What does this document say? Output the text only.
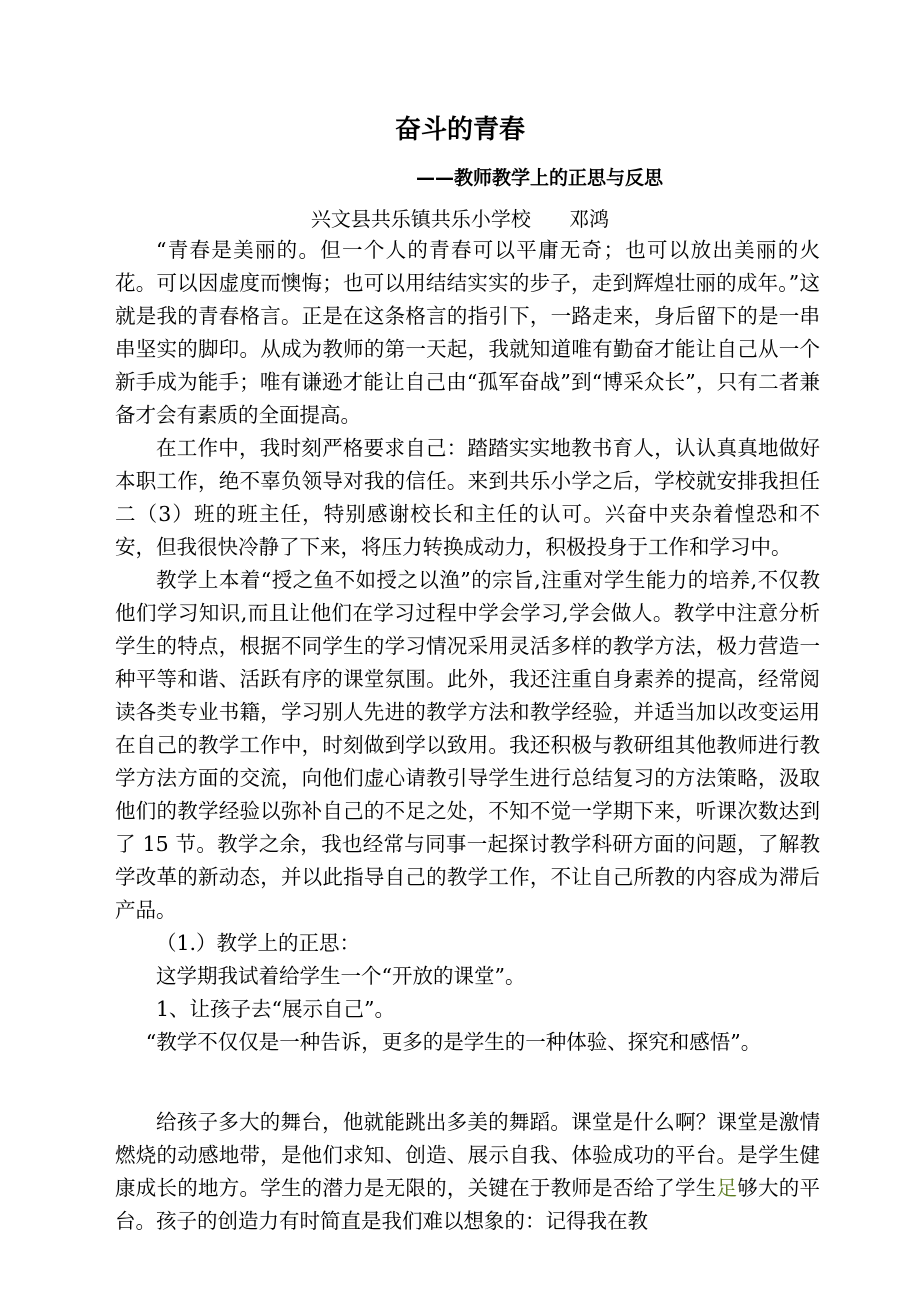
奋斗的青春
——教师教学上的正思与反思
兴文县共乐镇共乐小学校      邓鸿

“青春是美丽的。但一个人的青春可以平庸无奇；也可以放出美丽的火花。可以因虚度而懊悔；也可以用结结实实的步子，走到辉煌壮丽的成年。”这就是我的青春格言。正是在这条格言的指引下，一路走来，身后留下的是一串串坚实的脚印。从成为教师的第一天起，我就知道唯有勤奋才能让自己从一个新手成为能手；唯有谦逊才能让自己由“孤军奋战”到“博采众长”，只有二者兼备才会有素质的全面提高。

在工作中，我时刻严格要求自己：踏踏实实地教书育人，认认真真地做好本职工作，绝不辜负领导对我的信任。来到共乐小学之后，学校就安排我担任二（3）班的班主任，特别感谢校长和主任的认可。兴奋中夹杂着惶恐和不安，但我很快冷静了下来，将压力转换成动力，积极投身于工作和学习中。

教学上本着“授之鱼不如授之以渔”的宗旨,注重对学生能力的培养,不仅教他们学习知识,而且让他们在学习过程中学会学习,学会做人。教学中注意分析学生的特点，根据不同学生的学习情况采用灵活多样的教学方法，极力营造一种平等和谐、活跃有序的课堂氛围。此外，我还注重自身素养的提高，经常阅读各类专业书籍，学习别人先进的教学方法和教学经验，并适当加以改变运用在自己的教学工作中，时刻做到学以致用。我还积极与教研组其他教师进行教学方法方面的交流，向他们虚心请教引导学生进行总结复习的方法策略，汲取他们的教学经验以弥补自己的不足之处，不知不觉一学期下来，听课次数达到了 15 节。教学之余，我也经常与同事一起探讨教学科研方面的问题，了解教学改革的新动态，并以此指导自己的教学工作，不让自己所教的内容成为滞后产品。

（1.）教学上的正思：

这学期我试着给学生一个“开放的课堂”。

1、让孩子去“展示自己”。

“教学不仅仅是一种告诉，更多的是学生的一种体验、探究和感悟”。

给孩子多大的舞台，他就能跳出多美的舞蹈。课堂是什么啊？课堂是激情燃烧的动感地带，是他们求知、创造、展示自我、体验成功的平台。是学生健康成长的地方。学生的潜力是无限的，关键在于教师是否给了学生足够大的平台。孩子的创造力有时简直是我们难以想象的：记得我在教
